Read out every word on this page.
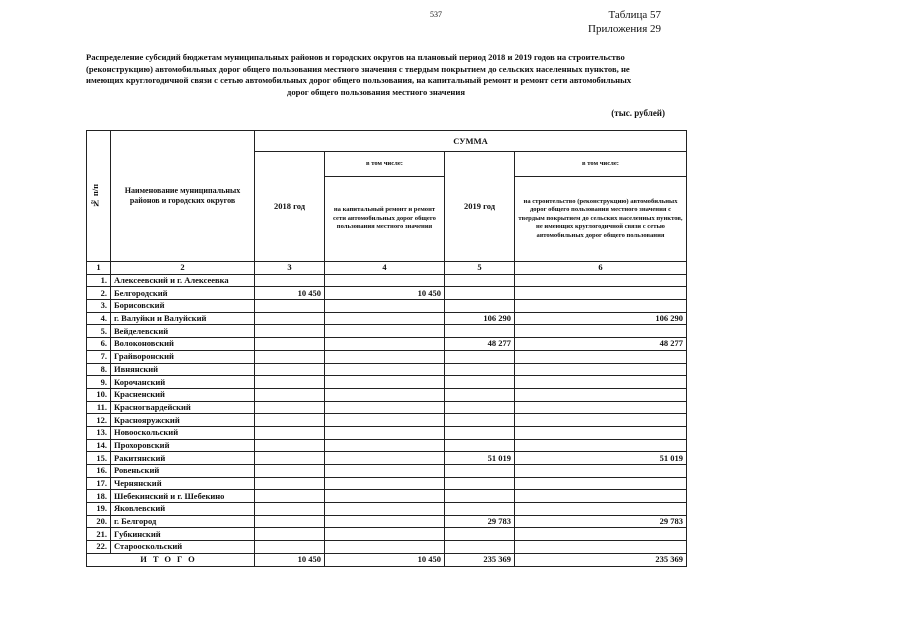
537	Таблица 57
Приложения 29
Распределение субсидий бюджетам муниципальных районов и городских округов на плановый период 2018 и 2019 годов на строительство
(реконструкцию) автомобильных дорог общего пользования местного значения с твердым покрытием до сельских населенных пунктов, не
имеющих круглогодичной связи с сетью автомобильных дорог общего пользования, на капитальный ремонт и ремонт сети автомобильных
дорог общего пользования местного значения
(тыс. рублей)
№ п/п	Наименование муниципальных районов и городских округов	СУММА			
		2018 год	в том числе:	2019 год	в том числе:
			на капитальный ремонт и ремонт сети автомобильных дорог общего пользования местного значения		на строительство (реконструкцию) автомобильных дорог общего пользования местного значения с твердым покрытием до сельских населенных пунктов, не имеющих круглогодичной связи с сетью автомобильных дорог общего пользования
1	2	3	4	5	6
1.	Алексеевский и г. Алексеевка				
2.	Белгородский	10 450	10 450		
3.	Борисовский				
4.	г. Валуйки и Валуйский			106 290	106 290
5.	Вейделевский				
6.	Волоконовский			48 277	48 277
7.	Грайворонский				
8.	Ивнянский				
9.	Корочанский				
10.	Красненский				
11.	Красногвардейский				
12.	Краснояружский				
13.	Новооскольский				
14.	Прохоровский				
15.	Ракитянский			51 019	51 019
16.	Ровеньский				
17.	Чернянский				
18.	Шебекинский и г. Шебекино				
19.	Яковлевский				
20.	г. Белгород			29 783	29 783
21.	Губкинский				
22.	Старооскольский				
ИТОГО		10 450	10 450	235 369	235 369
